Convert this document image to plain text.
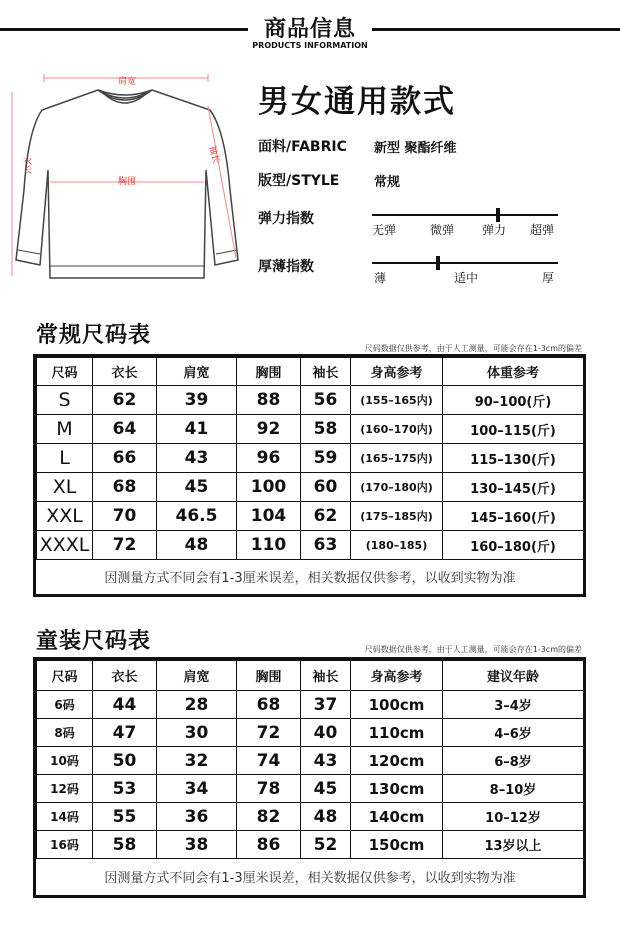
商品信息
PRODUCTS INFORMATION
肩宽
衣长
袖长
胸围
男女通用款式
面料/FABRIC 新型 聚酯纤维
版型/STYLE	常规
弹力指数
无弹	微弹 弹力 超弹
厚薄指数
薄	适中	厚
常规尺码表
尺码数据仅供参考，由于人工测量，可能会存在1-3cm的偏差
尺码	衣长	肩宽	胸围	袖长	身高参考	体重参考
S	62	39	88	56	(155–165内)	90–100(斤)
M	64	41	92	58	(160–170内)	100–115(斤)
L	66	43	96	59	(165–175内)	115–130(斤)
XL	68	45	100	60	(170–180内)	130–145(斤)
XXL	70	46.5	104	62	(175–185内)	145–160(斤)
XXXL	72	48	110	63	(180–185)	160–180(斤)
因测量方式不同会有1-3厘米误差，相关数据仅供参考，以收到实物为准						
童装尺码表	尺码数据仅供参考，由于人工测量，可能会存在1-3cm的偏差
尺码	衣长	肩宽	胸围	袖长	身高参考	建议年龄
6码	44	28	68	37	100cm	3–4岁
8码	47	30	72	40	110cm	4–6岁
10码	50	32	74	43	120cm	6–8岁
12码	53	34	78	45	130cm	8–10岁
14码	55	36	82	48	140cm	10–12岁
16码	58	38	86	52	150cm	13岁以上
因测量方式不同会有1-3厘米误差，相关数据仅供参考，以收到实物为准						
